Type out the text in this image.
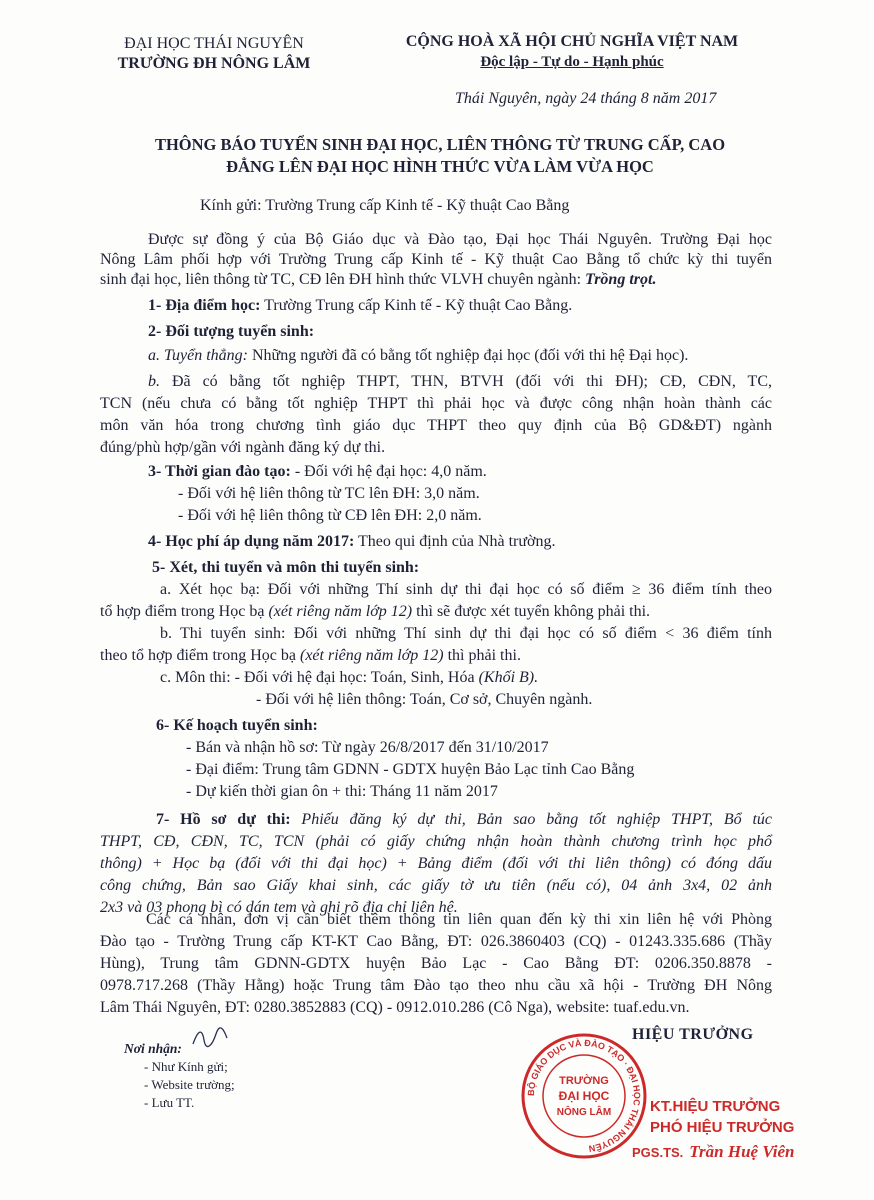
ĐẠI HỌC THÁI NGUYÊN
TRƯỜNG ĐH NÔNG LÂM
CỘNG HOÀ XÃ HỘI CHỦ NGHĨA VIỆT NAM
Độc lập - Tự do - Hạnh phúc
Thái Nguyên, ngày 24 tháng 8 năm 2017
THÔNG BÁO TUYỂN SINH ĐẠI HỌC, LIÊN THÔNG TỪ TRUNG CẤP, CAO
ĐẲNG LÊN ĐẠI HỌC HÌNH THỨC VỪA LÀM VỪA HỌC
Kính gửi: Trường Trung cấp Kinh tế - Kỹ thuật Cao Bằng
Được sự đồng ý của Bộ Giáo dục và Đào tạo, Đại học Thái Nguyên. Trường Đại học
Nông Lâm phối hợp với Trường Trung cấp Kinh tế - Kỹ thuật Cao Bằng tổ chức kỳ thi tuyển
sinh đại học, liên thông từ TC, CĐ lên ĐH hình thức VLVH chuyên ngành: Trồng trọt.
1- Địa điểm học: Trường Trung cấp Kinh tế - Kỹ thuật Cao Bằng.
2- Đối tượng tuyển sinh:
a. Tuyển thẳng: Những người đã có bằng tốt nghiệp đại học (đối với thi hệ Đại học).
b. Đã có bằng tốt nghiệp THPT, THN, BTVH (đối với thi ĐH); CĐ, CĐN, TC,
TCN (nếu chưa có bằng tốt nghiệp THPT thì phải học và được công nhận hoàn thành các
môn văn hóa trong chương tình giáo dục THPT theo quy định của Bộ GD&ĐT) ngành
đúng/phù hợp/gần với ngành đăng ký dự thi.
3- Thời gian đào tạo: - Đối với hệ đại học: 4,0 năm.
- Đối với hệ liên thông từ TC lên ĐH: 3,0 năm.
- Đối với hệ liên thông từ CĐ lên ĐH: 2,0 năm.
4- Học phí áp dụng năm 2017: Theo qui định của Nhà trường.
5- Xét, thi tuyển và môn thi tuyển sinh:
a. Xét học bạ: Đối với những Thí sinh dự thi đại học có số điểm ≥ 36 điểm tính theo
tổ hợp điểm trong Học bạ (xét riêng năm lớp 12) thì sẽ được xét tuyển không phải thi.
b. Thi tuyển sinh: Đối với những Thí sinh dự thi đại học có số điểm < 36 điểm tính
theo tổ hợp điểm trong Học bạ (xét riêng năm lớp 12) thì phải thi.
c. Môn thi: - Đối với hệ đại học: Toán, Sinh, Hóa (Khối B).
- Đối với hệ liên thông: Toán, Cơ sở, Chuyên ngành.
6- Kế hoạch tuyển sinh:
- Bán và nhận hồ sơ: Từ ngày 26/8/2017 đến 31/10/2017
- Đại điểm: Trung tâm GDNN - GDTX huyện Bảo Lạc tỉnh Cao Bằng
- Dự kiến thời gian ôn + thi: Tháng 11 năm 2017
7- Hồ sơ dự thi: Phiếu đăng ký dự thi, Bản sao bằng tốt nghiệp THPT, Bổ túc
THPT, CĐ, CĐN, TC, TCN (phải có giấy chứng nhận hoàn thành chương trình học phổ
thông) + Học bạ (đối với thi đại học) + Bảng điểm (đối với thi liên thông) có đóng dấu
công chứng, Bản sao Giấy khai sinh, các giấy tờ ưu tiên (nếu có), 04 ảnh 3x4, 02 ảnh
2x3 và 03 phong bì có dán tem và ghi rõ địa chỉ liên hệ.
Các cá nhân, đơn vị cần biết thêm thông tin liên quan đến kỳ thi xin liên hệ với Phòng
Đào tạo - Trường Trung cấp KT-KT Cao Bằng, ĐT: 026.3860403 (CQ) - 01243.335.686 (Thầy
Hùng), Trung tâm GDNN-GDTX huyện Bảo Lạc - Cao Bằng ĐT: 0206.350.8878 -
0978.717.268 (Thầy Hằng) hoặc Trung tâm Đào tạo theo nhu cầu xã hội - Trường ĐH Nông
Lâm Thái Nguyên, ĐT: 0280.3852883 (CQ) - 0912.010.286 (Cô Nga), website: tuaf.edu.vn.
Nơi nhận:
- Như Kính gửi;
- Website trường;
- Lưu TT.
BỘ GIÁO DỤC VÀ ĐÀO TẠO · ĐẠI HỌC THÁI NGUYÊN
TRƯỜNG
ĐẠI HỌC
NÔNG LÂM
HIỆU TRƯỞNG
KT.HIỆU TRƯỞNG
PHÓ HIỆU TRƯỞNG
PGS.TS. Trần Huệ Viên
